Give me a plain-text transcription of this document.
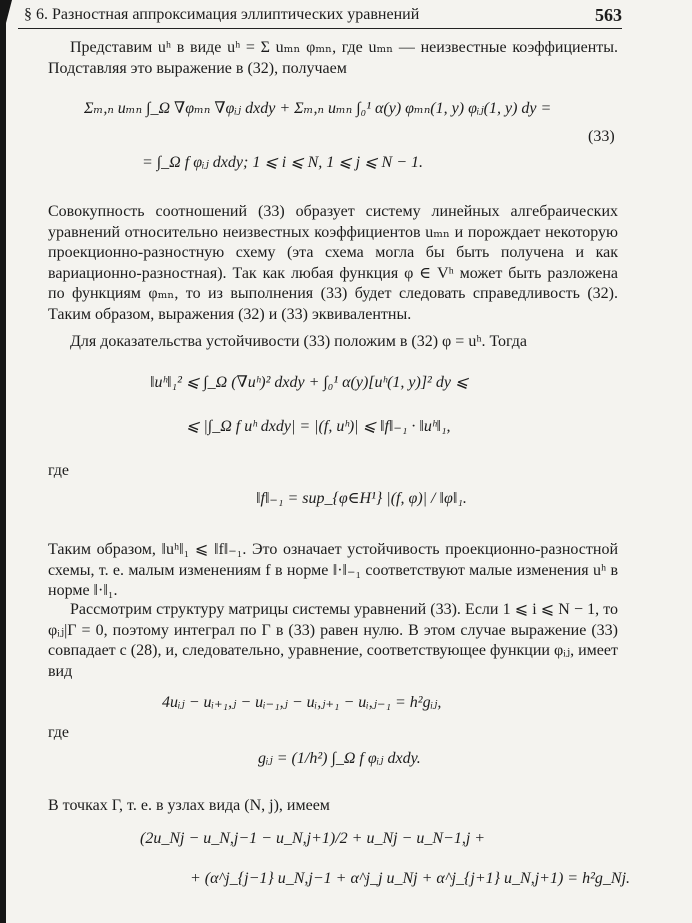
§ 6. Разностная аппроксимация эллиптических уравнений	563

Представим uʰ в виде uʰ = Σ uₘₙ φₘₙ, где uₘₙ — неизвестные коэффициенты. Подставляя это выражение в (32), получаем

Σₘ,ₙ uₘₙ ∫_Ω ∇φₘₙ ∇φᵢⱼ dxdy + Σₘ,ₙ uₘₙ ∫₀¹ α(y) φₘₙ(1, y) φᵢⱼ(1, y) dy =
= ∫_Ω f φᵢⱼ dxdy; 1 ⩽ i ⩽ N, 1 ⩽ j ⩽ N − 1.
(33)

Совокупность соотношений (33) образует систему линейных алгебраических уравнений относительно неизвестных коэффициентов uₘₙ и порождает некоторую проекционно-разностную схему (эта схема могла бы быть получена и как вариационно-разностная). Так как любая функция φ ∈ Vʰ может быть разложена по функциям φₘₙ, то из выполнения (33) будет следовать справедливость (32). Таким образом, выражения (32) и (33) эквивалентны.

Для доказательства устойчивости (33) положим в (32) φ = uʰ. Тогда

‖uʰ‖₁² ⩽ ∫_Ω (∇uʰ)² dxdy + ∫₀¹ α(y)[uʰ(1, y)]² dy ⩽
⩽ |∫_Ω f uʰ dxdy| = |(f, uʰ)| ⩽ ‖f‖₋₁ · ‖uʰ‖₁,
где
‖f‖₋₁ = sup_{φ∈H¹} |(f, φ)| / ‖φ‖₁.

Таким образом, ‖uʰ‖₁ ⩽ ‖f‖₋₁. Это означает устойчивость проекционно-разностной схемы, т. е. малым изменениям f в норме ‖·‖₋₁ соответствуют малые изменения uʰ в норме ‖·‖₁.

Рассмотрим структуру матрицы системы уравнений (33). Если 1 ⩽ i ⩽ N − 1, то φᵢⱼ|Γ = 0, поэтому интеграл по Γ в (33) равен нулю. В этом случае выражение (33) совпадает с (28), и, следовательно, уравнение, соответствующее функции φᵢⱼ, имеет вид

4uᵢⱼ − uᵢ₊₁,ⱼ − uᵢ₋₁,ⱼ − uᵢ,ⱼ₊₁ − uᵢ,ⱼ₋₁ = h²gᵢⱼ,
где
gᵢⱼ = (1/h²) ∫_Ω f φᵢⱼ dxdy.

В точках Γ, т. е. в узлах вида (N, j), имеем

(2u_Nj − u_N,j−1 − u_N,j+1)/2 + u_Nj − u_N−1,j +
+ (α^j_{j−1} u_N,j−1 + α^j_j u_Nj + α^j_{j+1} u_N,j+1) = h²g_Nj.
